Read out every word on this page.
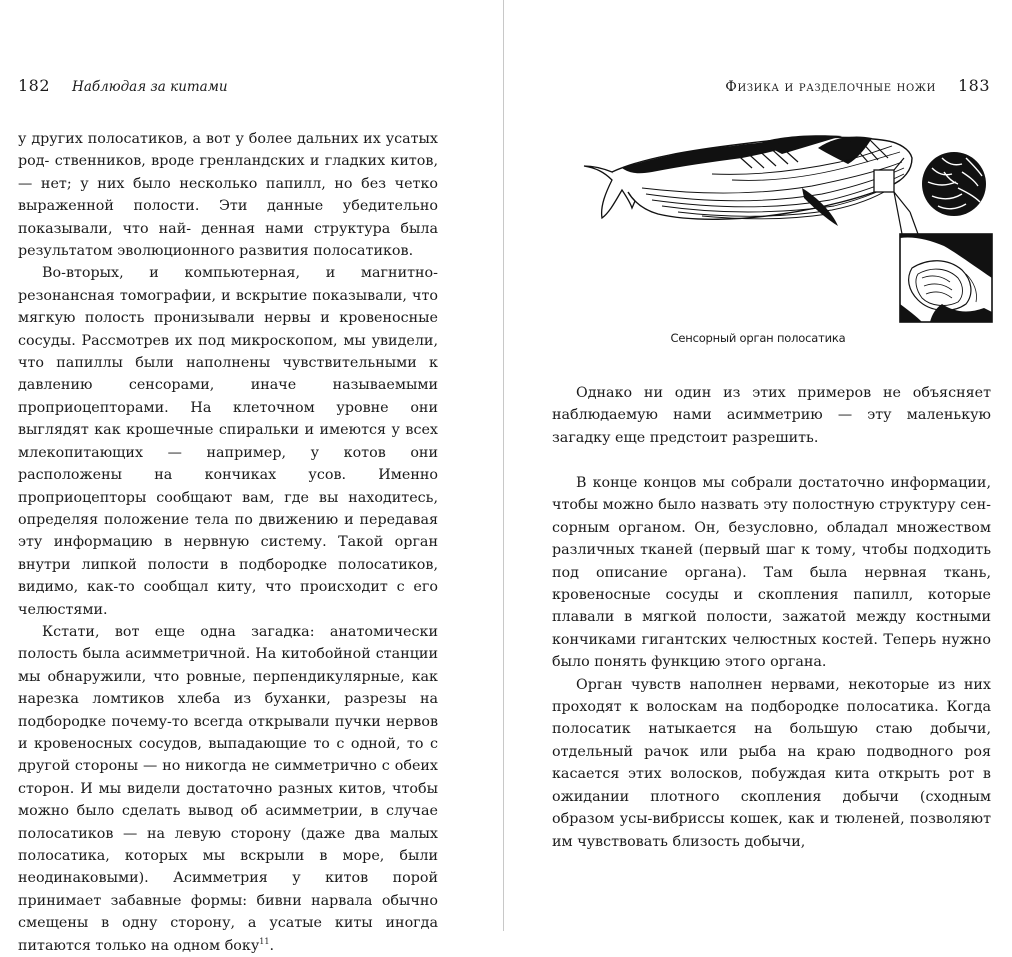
182 Наблюдая за китами

у других полосатиков, а вот у более дальних их усатых род- ственников, вроде гренландских и гладких китов, — нет; у них было несколько папилл, но без четко выраженной полости. Эти данные убедительно показывали, что най- денная нами структура была результатом эволюционного развития полосатиков.

Во-вторых, и компьютерная, и магнитно-резонансная томографии, и вскрытие показывали, что мягкую полость пронизывали нервы и кровеносные сосуды. Рассмотрев их под микроскопом, мы увидели, что папиллы были наполнены чувствительными к давлению сенсорами, иначе называемыми проприоцепторами. На клеточном уровне они выглядят как крошечные спиральки и имеются у всех млекопитающих — например, у котов они расположены на кончиках усов. Именно проприоцепторы сообщают вам, где вы находитесь, определяя положение тела по движению и передавая эту информацию в нервную систему. Такой орган внутри липкой полости в подбородке полосатиков, видимо, как-то сообщал киту, что происходит с его челюстями.

Кстати, вот еще одна загадка: анатомически полость была асимметричной. На китобойной станции мы обнаружили, что ровные, перпендикулярные, как нарезка ломтиков хлеба из буханки, разрезы на подбородке почему-то всегда открывали пучки нервов и кровеносных сосудов, выпадающие то с одной, то с другой стороны — но никогда не симметрично с обеих сторон. И мы видели достаточно разных китов, чтобы можно было сделать вывод об асимметрии, в случае полосатиков — на левую сторону (даже два малых полосатика, которых мы вскрыли в море, были неодинаковыми). Асимметрия у китов порой принимает забавные формы: бивни нарвала обычно смещены в одну сторону, а усатые киты иногда питаются только на одном боку$^{11}$.

Физика и разделочные ножи 183
Сенсорный орган полосатика

Однако ни один из этих примеров не объясняет наблюдаемую нами асимметрию — эту маленькую загадку еще предстоит разрешить.

В конце концов мы собрали достаточно информации, чтобы можно было назвать эту полостную структуру сенсорным органом. Он, безусловно, обладал множеством различных тканей (первый шаг к тому, чтобы подходить под описание органа). Там была нервная ткань, кровеносные сосуды и скопления папилл, которые плавали в мягкой полости, зажатой между костными кончиками гигантских челюстных костей. Теперь нужно было понять функцию этого органа.

Орган чувств наполнен нервами, некоторые из них проходят к волоскам на подбородке полосатика. Когда полосатик натыкается на большую стаю добычи, отдельный рачок или рыба на краю подводного роя касается этих волосков, побуждая кита открыть рот в ожидании плотного скопления добычи (сходным образом усы-вибриссы кошек, как и тюленей, позволяют им чувствовать близость добычи,
